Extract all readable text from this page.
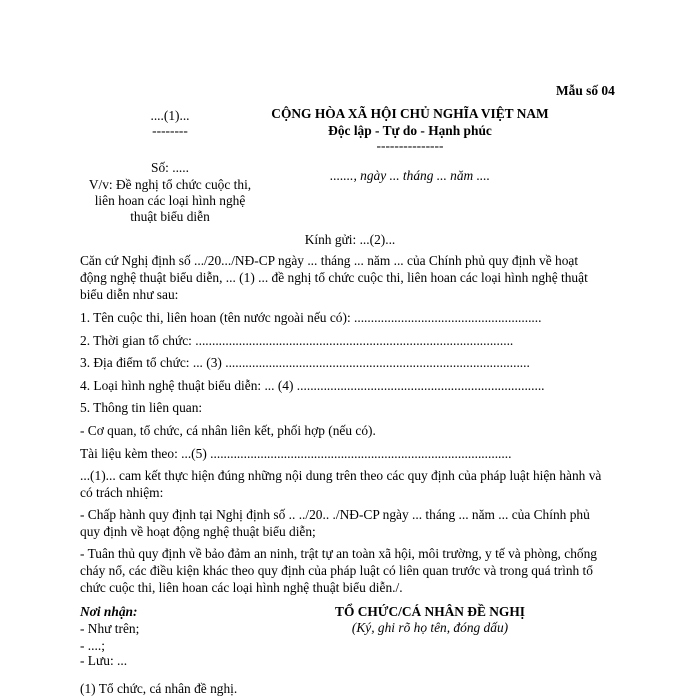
Mẫu số 04
....(1)...
--------
Số: .....
V/v: Đề nghị tổ chức cuộc thi,
liên hoan các loại hình nghệ
thuật biểu diễn
CỘNG HÒA XÃ HỘI CHỦ NGHĨA VIỆT NAM
Độc lập - Tự do - Hạnh phúc
---------------
......., ngày ... tháng ... năm ....
Kính gửi: ...(2)...
Căn cứ Nghị định số .../20.../NĐ-CP ngày ... tháng ... năm ... của Chính phủ quy định về hoạt
động nghệ thuật biểu diễn, ... (1) ... đề nghị tổ chức cuộc thi, liên hoan các loại hình nghệ thuật
biểu diễn như sau:
1. Tên cuộc thi, liên hoan (tên nước ngoài nếu có): ........................................................
2. Thời gian tổ chức: ...............................................................................................
3. Địa điểm tổ chức: ... (3) ...........................................................................................
4. Loại hình nghệ thuật biểu diễn: ... (4) ..........................................................................
5. Thông tin liên quan:
- Cơ quan, tổ chức, cá nhân liên kết, phối hợp (nếu có).
Tài liệu kèm theo: ...(5) ..........................................................................................
...(1)... cam kết thực hiện đúng những nội dung trên theo các quy định của pháp luật hiện hành và
có trách nhiệm:
- Chấp hành quy định tại Nghị định số .. ../20.. ./NĐ-CP ngày ... tháng ... năm ... của Chính phủ
quy định về hoạt động nghệ thuật biểu diễn;
- Tuân thủ quy định về bảo đảm an ninh, trật tự an toàn xã hội, môi trường, y tế và phòng, chống
cháy nổ, các điều kiện khác theo quy định của pháp luật có liên quan trước và trong quá trình tổ
chức cuộc thi, liên hoan các loại hình nghệ thuật biểu diễn./.
Nơi nhận:
- Như trên;
- ....;
- Lưu: ...
TỔ CHỨC/CÁ NHÂN ĐỀ NGHỊ
(Ký, ghi rõ họ tên, đóng dấu)
(1) Tổ chức, cá nhân đề nghị.
